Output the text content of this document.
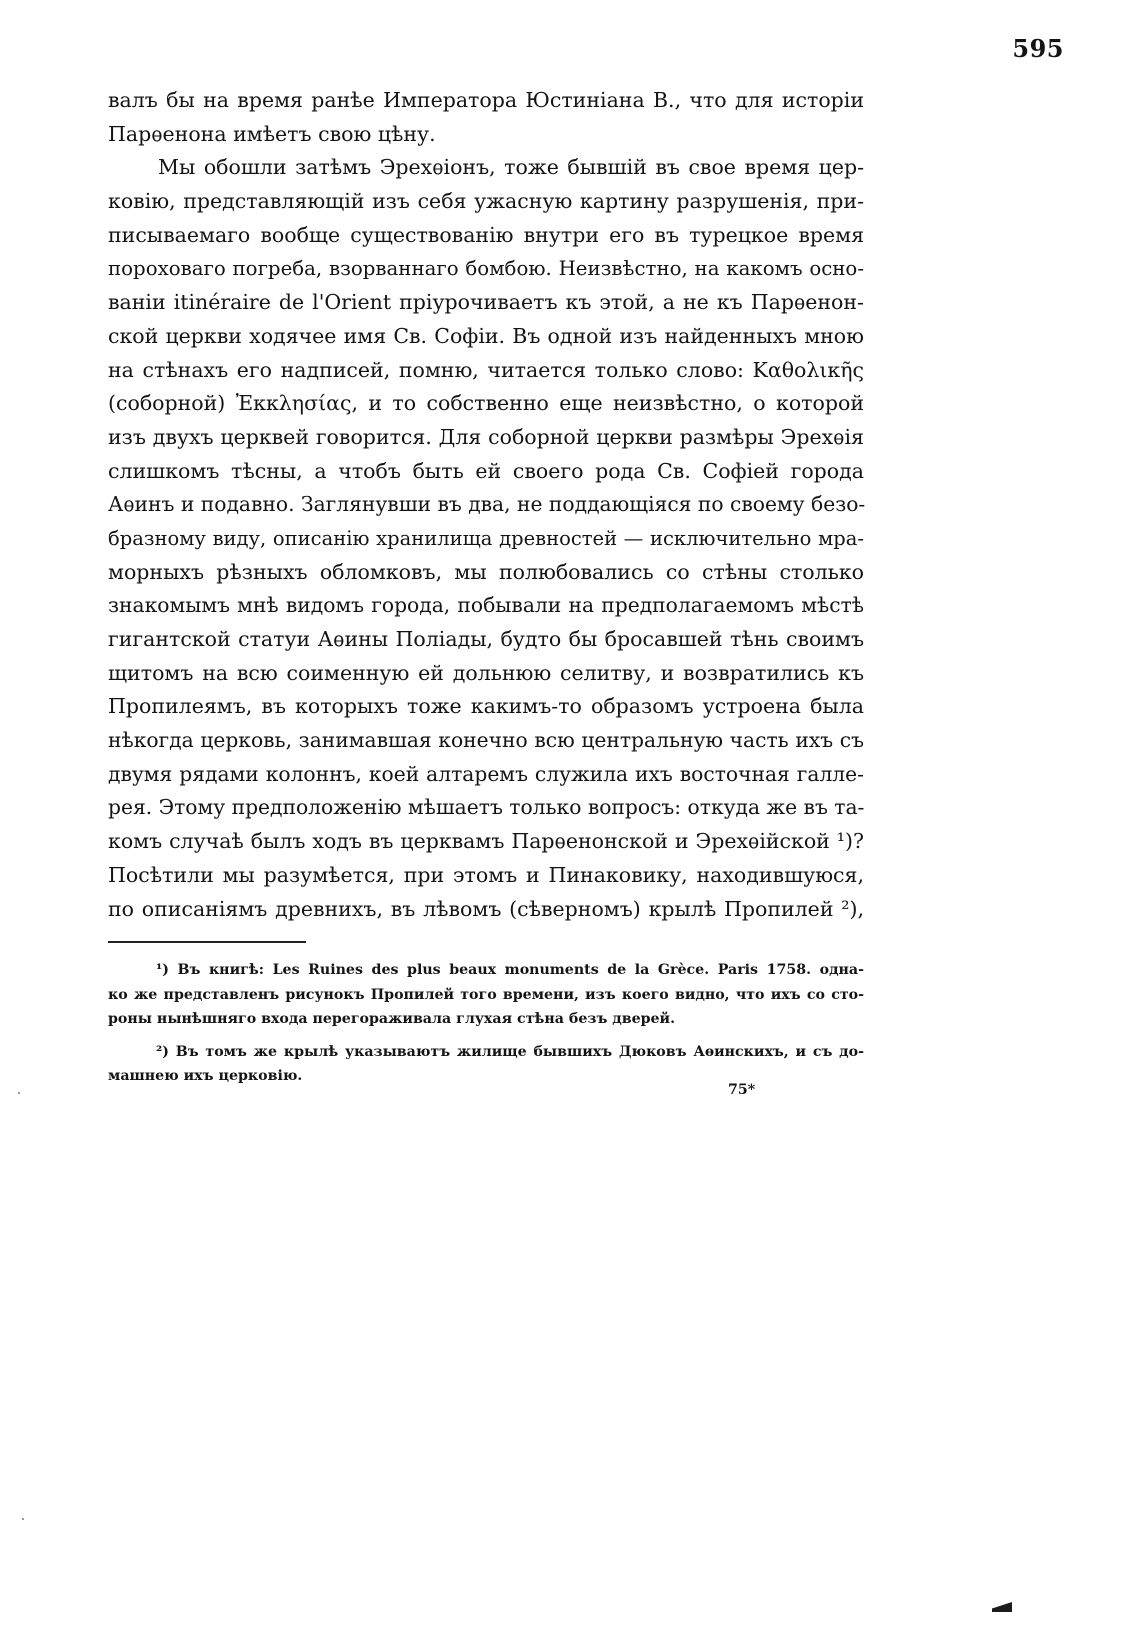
595
валъ бы на время ранѣе Императора Юстиніана В., что для исторіи
Парѳенона имѣетъ свою цѣну.
Мы обошли затѣмъ Эрехѳіонъ, тоже бывшій въ свое время цер-
ковію, представляющій изъ себя ужасную картину разрушенія, при-
писываемаго вообще существованію внутри его въ турецкое время
пороховаго погреба, взорваннаго бомбою. Неизвѣстно, на какомъ осно-
ваніи itinéraire de l'Orient пріурочиваетъ къ этой, а не къ Парѳенон-
ской церкви ходячее имя Св. Софіи. Въ одной изъ найденныхъ мною
на стѣнахъ его надписей, помню, читается только слово: Καθολικῆς
(соборной) Ἐκκλησίας, и то собственно еще неизвѣстно, о которой
изъ двухъ церквей говорится. Для соборной церкви размѣры Эрехѳія
слишкомъ тѣсны, а чтобъ быть ей своего рода Св. Софіей города
Аѳинъ и подавно. Заглянувши въ два, не поддающіяся по своему безо-
бразному виду, описанію хранилища древностей — исключительно мра-
морныхъ рѣзныхъ обломковъ, мы полюбовались со стѣны столько
знакомымъ мнѣ видомъ города, побывали на предполагаемомъ мѣстѣ
гигантской статуи Аѳины Поліады, будто бы бросавшей тѣнь своимъ
щитомъ на всю соименную ей дольнюю селитву, и возвратились къ
Пропилеямъ, въ которыхъ тоже какимъ-то образомъ устроена была
нѣкогда церковь, занимавшая конечно всю центральную часть ихъ съ
двумя рядами колоннъ, коей алтаремъ служила ихъ восточная галле-
рея. Этому предположенію мѣшаетъ только вопросъ: откуда же въ та-
комъ случаѣ былъ ходъ въ церквамъ Парѳенонской и Эрехѳійской ¹)?
Посѣтили мы разумѣется, при этомъ и Пинаковику, находившуюся,
по описаніямъ древнихъ, въ лѣвомъ (сѣверномъ) крылѣ Пропилей ²),
¹) Въ книгѣ: Les Ruines des plus beaux monuments de la Grèce. Paris 1758. одна-
ко же представленъ рисунокъ Пропилей того времени, изъ коего видно, что ихъ со сто-
роны нынѣшняго входа перегораживала глухая стѣна безъ дверей.
²) Въ томъ же крылѣ указываютъ жилище бывшихъ Дюковъ Аѳинскихъ, и съ до-
машнею ихъ церковію.
75*
